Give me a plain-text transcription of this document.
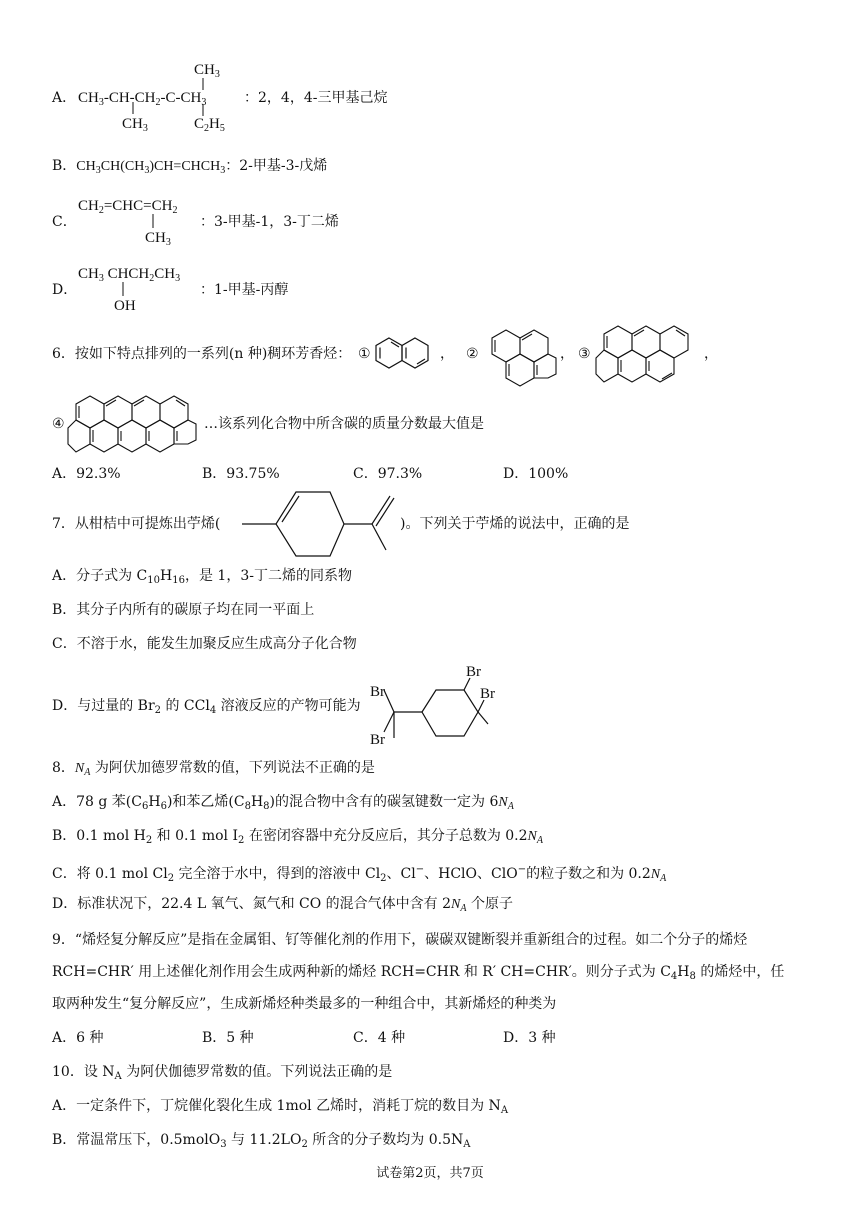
A． $CH_3-CH-CH_2-C-CH_3$
$CH_3$
$CH_3$	$C_2H_5$
：2，4，4-三甲基己烷
B．$CH_3CH(CH_3)CH=CHCH_3$：2-甲基-3-戊烯
C．
$CH_2=CHC=CH_2$
$CH_3$
：3-甲基-1，3-丁二烯
D．
$CH_3$ $CHCH_2CH_3$
OH
：1-甲基-丙醇
6．按如下特点排列的一系列(n 种)稠环芳香烃： ①	， ②	， ③	，
④	…该系列化合物中所含碳的质量分数最大值是
A．92.3%	B．93.75%	C．97.3%	D．100%
7．从柑桔中可提炼出苧烯(	)。下列关于苧烯的说法中，正确的是
A．分子式为 $C_{10}H_{16}$，是 1，3-丁二烯的同系物
B．其分子内所有的碳原子均在同一平面上
C．不溶于水，能发生加聚反应生成高分子化合物
D．与过量的 $Br_2$ 的 CCl$_4$ 溶液反应的产物可能为
Br
Br
Br
Br
8．$N_A$ 为阿伏加德罗常数的值，下列说法不正确的是
A．78 g 苯$(C_6H_6)$和苯乙烯$(C_8H_8)$的混合物中含有的碳氢键数一定为 $6N_A$
B．0.1 mol $H_2$ 和 0.1 mol $I_2$ 在密闭容器中充分反应后，其分子总数为 $0.2N_A$
C．将 0.1 mol $Cl_2$ 完全溶于水中，得到的溶液中 $Cl_2$、Cl−、HClO、ClO−的粒子数之和为 $0.2N_A$
D．标准状况下，22.4 L 氧气、氮气和 CO 的混合气体中含有 $2N_A$ 个原子
9．“烯烃复分解反应”是指在金属钼、钌等催化剂的作用下，碳碳双键断裂并重新组合的过程。如二个分子的烯烃
RCH=CHR′ 用上述催化剂作用会生成两种新的烯烃 RCH=CHR 和 R′ CH=CHR′。则分子式为 $C_4H_8$ 的烯烃中，任
取两种发生“复分解反应”，生成新烯烃种类最多的一种组合中，其新烯烃的种类为
A．6 种	B．5 种	C．4 种	D．3 种
10．设 $N_A$ 为阿伏伽德罗常数的值。下列说法正确的是
A．一定条件下，丁烷催化裂化生成 1mol 乙烯时，消耗丁烷的数目为 $N_A$
B．常温常压下，0.5molO$_3$ 与 $11.2LO_2$ 所含的分子数均为 $0.5N_A$
试卷第2页，共7页
